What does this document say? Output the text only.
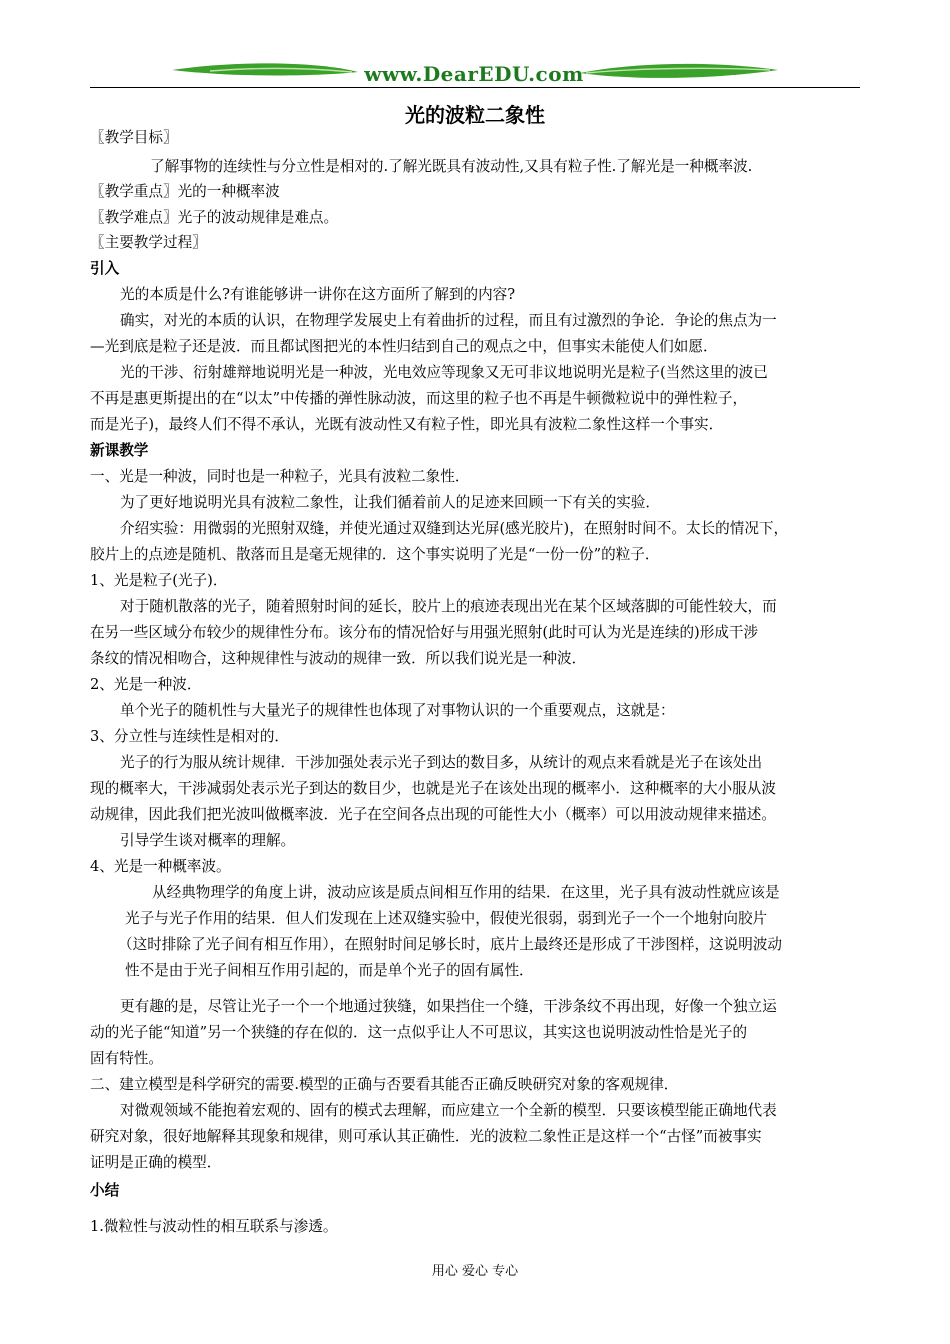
www.DearEDU.com
光的波粒二象性
〖教学目标〗
了解事物的连续性与分立性是相对的.了解光既具有波动性,又具有粒子性.了解光是一种概率波.
〖教学重点〗光的一种概率波
〖教学难点〗光子的波动规律是难点。
〖主要教学过程〗
引入
光的本质是什么?有谁能够讲一讲你在这方面所了解到的内容?
确实，对光的本质的认识，在物理学发展史上有着曲折的过程，而且有过激烈的争论．争论的焦点为一
—光到底是粒子还是波．而且都试图把光的本性归结到自己的观点之中，但事实未能使人们如愿．
光的干涉、衍射雄辩地说明光是一种波，光电效应等现象又无可非议地说明光是粒子(当然这里的波已
不再是惠更斯提出的在“以太”中传播的弹性脉动波，而这里的粒子也不再是牛顿微粒说中的弹性粒子，
而是光子)，最终人们不得不承认，光既有波动性又有粒子性，即光具有波粒二象性这样一个事实．
新课教学
一、光是一种波，同时也是一种粒子，光具有波粒二象性．
为了更好地说明光具有波粒二象性，让我们循着前人的足迹来回顾一下有关的实验．
介绍实验：用微弱的光照射双缝，并使光通过双缝到达光屏(感光胶片)，在照射时间不。太长的情况下，
胶片上的点迹是随机、散落而且是毫无规律的．这个事实说明了光是“一份一份”的粒子．
1、光是粒子(光子)．
对于随机散落的光子，随着照射时间的延长，胶片上的痕迹表现出光在某个区域落脚的可能性较大，而
在另一些区域分布较少的规律性分布。该分布的情况恰好与用强光照射(此时可认为光是连续的)形成干涉
条纹的情况相吻合，这种规律性与波动的规律一致．所以我们说光是一种波．
2、光是一种波．
单个光子的随机性与大量光子的规律性也体现了对事物认识的一个重要观点，这就是：
3、分立性与连续性是相对的．
光子的行为服从统计规律．干涉加强处表示光子到达的数目多，从统计的观点来看就是光子在该处出
现的概率大，干涉减弱处表示光子到达的数目少，也就是光子在该处出现的概率小．这种概率的大小服从波
动规律，因此我们把光波叫做概率波．光子在空间各点出现的可能性大小（概率）可以用波动规律来描述。
引导学生谈对概率的理解。
4、光是一种概率波。
从经典物理学的角度上讲，波动应该是质点间相互作用的结果．在这里，光子具有波动性就应该是
光子与光子作用的结果．但人们发现在上述双缝实验中，假使光很弱，弱到光子一个一个地射向胶片
（这时排除了光子间有相互作用），在照射时间足够长时，底片上最终还是形成了干涉图样，这说明波动
性不是由于光子间相互作用引起的，而是单个光子的固有属性．
更有趣的是，尽管让光子一个一个地通过狭缝，如果挡住一个缝，干涉条纹不再出现，好像一个独立运
动的光子能“知道”另一个狭缝的存在似的．这一点似乎让人不可思议，其实这也说明波动性恰是光子的
固有特性。
二、建立模型是科学研究的需要.模型的正确与否要看其能否正确反映研究对象的客观规律．
对微观领域不能抱着宏观的、固有的模式去理解，而应建立一个全新的模型．只要该模型能正确地代表
研究对象，很好地解释其现象和规律，则可承认其正确性．光的波粒二象性正是这样一个“古怪”而被事实
证明是正确的模型．
小结
1.微粒性与波动性的相互联系与渗透。
用心 爱心 专心
